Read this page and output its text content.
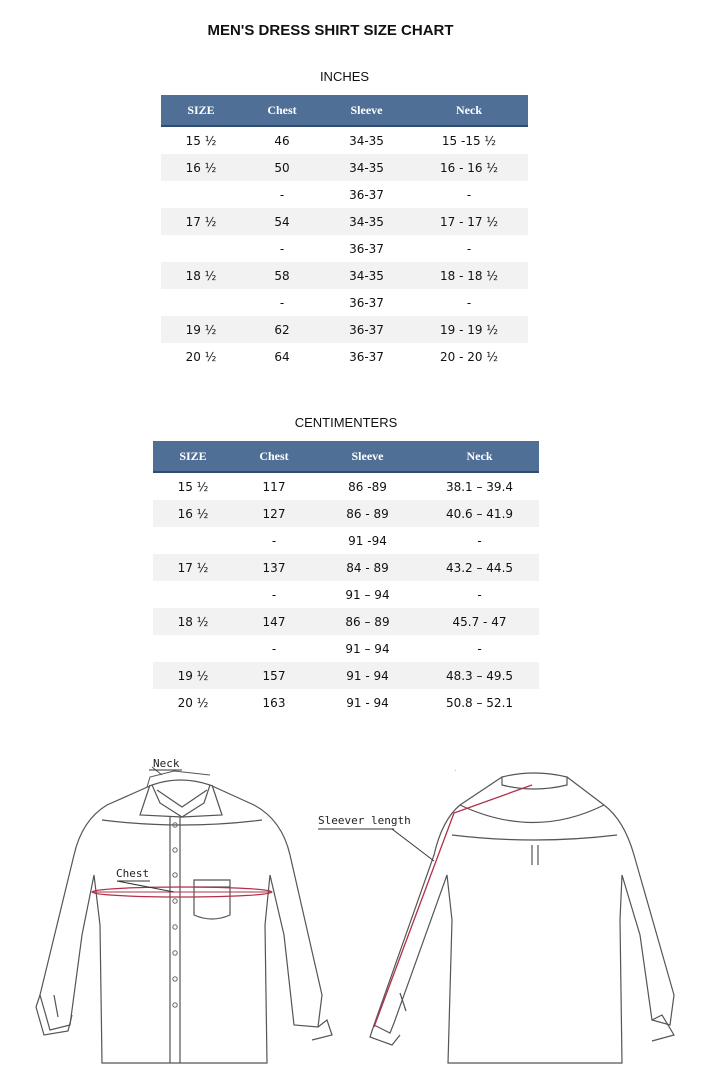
MEN'S DRESS SHIRT SIZE CHART
INCHES
SIZE	Chest	Sleeve	Neck
15 ½	46	34-35	15 -15 ½
16 ½	50	34-35	16 - 16 ½
	-	36-37	-
17 ½	54	34-35	17 - 17 ½
	-	36-37	-
18 ½	58	34-35	18 - 18 ½
	-	36-37	-
19 ½	62	36-37	19 - 19 ½
20 ½	64	36-37	20 - 20 ½
CENTIMENTERS
SIZE	Chest	Sleeve	Neck
15 ½	117	86 -89	38.1 – 39.4
16 ½	127	86 - 89	40.6 – 41.9
	-	91 -94	-
17 ½	137	84 - 89	43.2 – 44.5
	-	91 – 94	-
18 ½	147	86 – 89	45.7 - 47
	-	91 – 94	-
19 ½	157	91 - 94	48.3 – 49.5
20 ½	163	91 - 94	50.8 – 52.1
Neck
Chest
.
Sleever length
